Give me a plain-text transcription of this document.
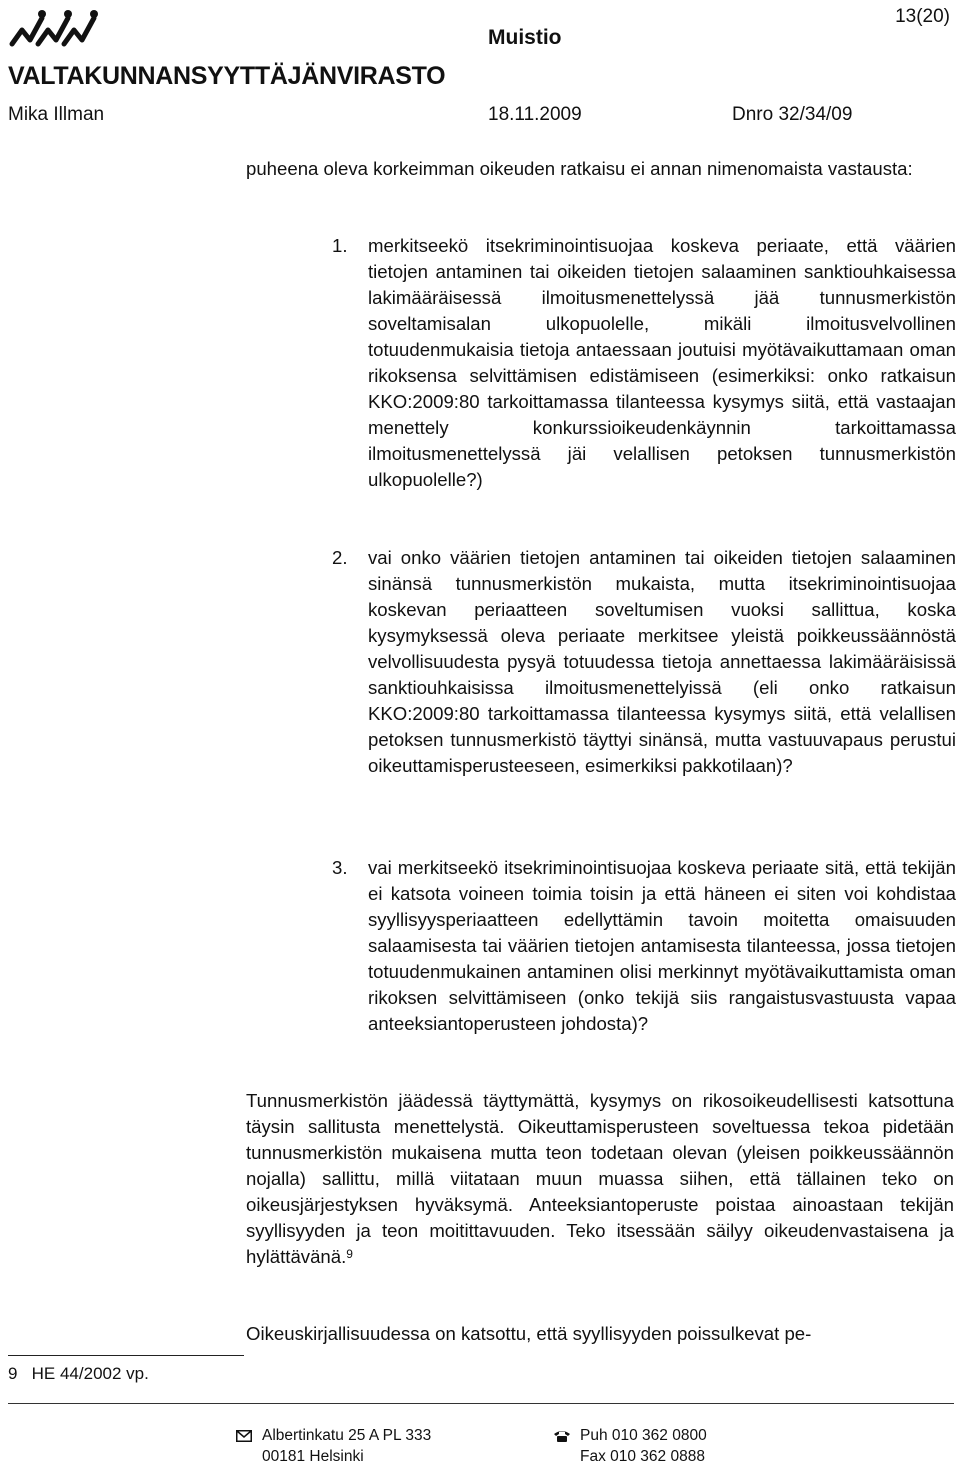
VALTAKUNNANSYYTTÄJÄNVIRASTO
Muistio
13(20)
Mika Illman	18.11.2009	Dnro 32/34/09
puheena oleva korkeimman oikeuden ratkaisu ei annan nimenomaista vastausta:
1.	merkitseekö itsekriminointisuojaa koskeva periaate, että väärien tietojen antaminen tai oikeiden tietojen salaaminen sanktiouhkaisessa lakimääräisessä ilmoitusmenettelyssä jää tunnusmerkistön soveltamisalan ulkopuolelle, mikäli ilmoitusvelvollinen totuudenmukaisia tietoja antaessaan joutuisi myötävaikuttamaan oman rikoksensa selvittämisen edistämiseen (esimerkiksi: onko ratkaisun KKO:2009:80 tarkoittamassa tilanteessa kysymys siitä, että vastaajan menettely konkurssioikeudenkäynnin tarkoittamassa ilmoitusmenettelyssä jäi velallisen petoksen tunnusmerkistön ulkopuolelle?)
2.	vai onko väärien tietojen antaminen tai oikeiden tietojen salaaminen sinänsä tunnusmerkistön mukaista, mutta itsekriminointisuojaa koskevan periaatteen soveltumisen vuoksi sallittua, koska kysymyksessä oleva periaate merkitsee yleistä poikkeussäännöstä velvollisuudesta pysyä totuudessa tietoja annettaessa lakimääräisissä sanktiouhkaisissa ilmoitusmenettelyissä (eli onko ratkaisun KKO:2009:80 tarkoittamassa tilanteessa kysymys siitä, että velallisen petoksen tunnusmerkistö täyttyi sinänsä, mutta vastuuvapaus perustui oikeuttamisperusteeseen, esimerkiksi pakkotilaan)?
3.	vai merkitseekö itsekriminointisuojaa koskeva periaate sitä, että tekijän ei katsota voineen toimia toisin ja että häneen ei siten voi kohdistaa syyllisyysperiaatteen edellyttämin tavoin moitetta omaisuuden salaamisesta tai väärien tietojen antamisesta tilanteessa, jossa tietojen totuudenmukainen antaminen olisi merkinnyt myötävaikuttamista oman rikoksen selvittämiseen (onko tekijä siis rangaistusvastuusta vapaa anteeksiantoperusteen johdosta)?
Tunnusmerkistön jäädessä täyttymättä, kysymys on rikosoikeudellisesti katsottuna täysin sallitusta menettelystä. Oikeuttamisperusteen soveltuessa tekoa pidetään tunnusmerkistön mukaisena mutta teon todetaan olevan (yleisen poikkeussäännön nojalla) sallittu, millä viitataan muun muassa siihen, että tällainen teko on oikeusjärjestyksen hyväksymä. Anteeksiantoperuste poistaa ainoastaan tekijän syyllisyyden ja teon moitittavuuden. Teko itsessään säilyy oikeudenvastaisena ja hylättävänä.$^9$
Oikeuskirjallisuudessa on katsottu, että syyllisyyden poissulkevat pe-
9 HE 44/2002 vp.
Albertinkatu 25 A PL 333
00181 Helsinki
Puh 010 362 0800
Fax 010 362 0888
